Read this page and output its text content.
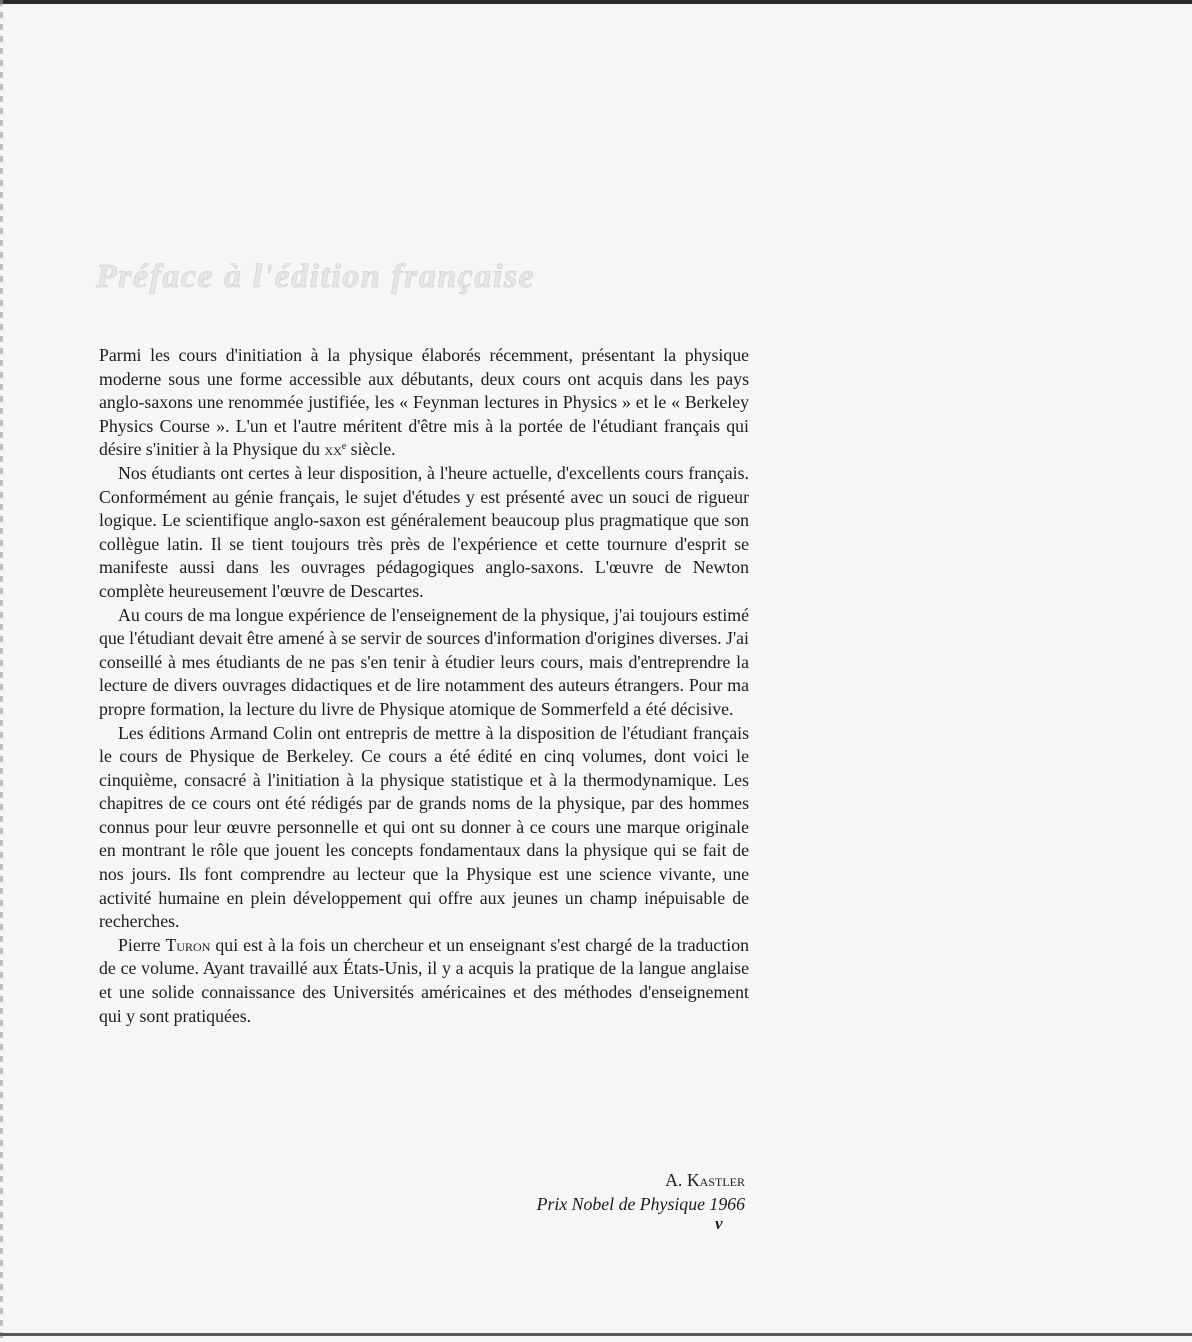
Préface à l'édition française

Parmi les cours d'initiation à la physique élaborés récemment, présentant la physique moderne sous une forme accessible aux débutants, deux cours ont acquis dans les pays anglo-saxons une renommée justifiée, les « Feynman lectures in Physics » et le « Berkeley Physics Course ». L'un et l'autre méritent d'être mis à la portée de l'étudiant français qui désire s'initier à la Physique du $xx^e$ siècle.

Nos étudiants ont certes à leur disposition, à l'heure actuelle, d'excellents cours français. Conformément au génie français, le sujet d'études y est présenté avec un souci de rigueur logique. Le scientifique anglo-saxon est généralement beaucoup plus pragmatique que son collègue latin. Il se tient toujours très près de l'expérience et cette tournure d'esprit se manifeste aussi dans les ouvrages pédagogiques anglo-saxons. L'œuvre de Newton complète heureusement l'œuvre de Descartes.

Au cours de ma longue expérience de l'enseignement de la physique, j'ai toujours estimé que l'étudiant devait être amené à se servir de sources d'information d'origines diverses. J'ai conseillé à mes étudiants de ne pas s'en tenir à étudier leurs cours, mais d'entreprendre la lecture de divers ouvrages didactiques et de lire notamment des auteurs étrangers. Pour ma propre formation, la lecture du livre de Physique atomique de Sommerfeld a été décisive.

Les éditions Armand Colin ont entrepris de mettre à la disposition de l'étudiant français le cours de Physique de Berkeley. Ce cours a été édité en cinq volumes, dont voici le cinquième, consacré à l'initiation à la physique statistique et à la thermodynamique. Les chapitres de ce cours ont été rédigés par de grands noms de la physique, par des hommes connus pour leur œuvre personnelle et qui ont su donner à ce cours une marque originale en montrant le rôle que jouent les concepts fondamentaux dans la physique qui se fait de nos jours. Ils font comprendre au lecteur que la Physique est une science vivante, une activité humaine en plein développement qui offre aux jeunes un champ inépuisable de recherches.

Pierre Turon qui est à la fois un chercheur et un enseignant s'est chargé de la traduction de ce volume. Ayant travaillé aux États-Unis, il y a acquis la pratique de la langue anglaise et une solide connaissance des Universités américaines et des méthodes d'enseignement qui y sont pratiquées.

A. Kastler
Prix Nobel de Physique 1966
v
